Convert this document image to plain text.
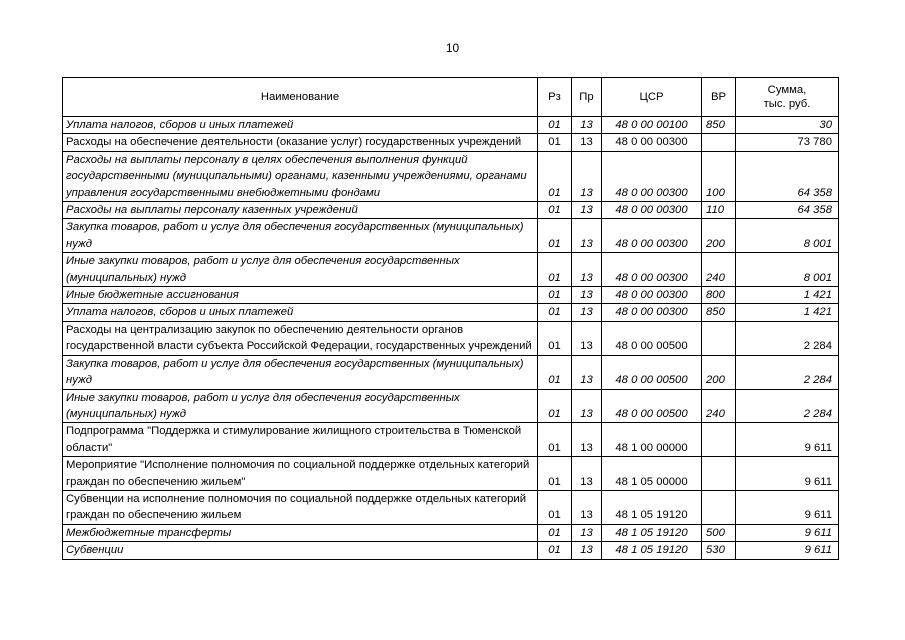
10
Наименование	Рз	Пр	ЦСР	ВР	Сумма,
тыс. руб.

Уплата налогов, сборов и иных платежей	01	13	48 0 00 00100	850	30
Расходы на обеспечение деятельности (оказание услуг) государственных учреждений	01	13	48 0 00 00300		73 780
Расходы на выплаты персоналу в целях обеспечения выполнения функций государственными (муниципальными) органами, казенными учреждениями, органами управления государственными внебюджетными фондами	01	13	48 0 00 00300	100	64 358
Расходы на выплаты персоналу казенных учреждений	01	13	48 0 00 00300	110	64 358
Закупка товаров, работ и услуг для обеспечения государственных (муниципальных) нужд	01	13	48 0 00 00300	200	8 001
Иные закупки товаров, работ и услуг для обеспечения государственных (муниципальных) нужд	01	13	48 0 00 00300	240	8 001
Иные бюджетные ассигнования	01	13	48 0 00 00300	800	1 421
Уплата налогов, сборов и иных платежей	01	13	48 0 00 00300	850	1 421
Расходы на централизацию закупок по обеспечению деятельности органов государственной власти субъекта Российской Федерации, государственных учреждений	01	13	48 0 00 00500		2 284
Закупка товаров, работ и услуг для обеспечения государственных (муниципальных) нужд	01	13	48 0 00 00500	200	2 284
Иные закупки товаров, работ и услуг для обеспечения государственных (муниципальных) нужд	01	13	48 0 00 00500	240	2 284
Подпрограмма "Поддержка и стимулирование жилищного строительства в Тюменской области"	01	13	48 1 00 00000		9 611
Мероприятие "Исполнение полномочия по социальной поддержке отдельных категорий граждан по обеспечению жильем"	01	13	48 1 05 00000		9 611
Субвенции на исполнение полномочия по социальной поддержке отдельных категорий граждан по обеспечению жильем	01	13	48 1 05 19120		9 611
Межбюджетные трансферты	01	13	48 1 05 19120	500	9 611
Субвенции	01	13	48 1 05 19120	530	9 611
